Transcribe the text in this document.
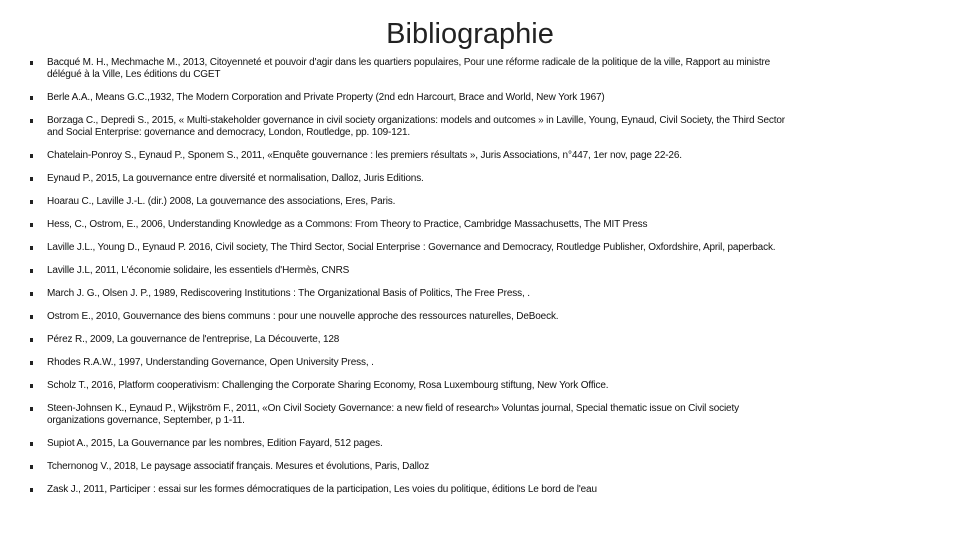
Bibliographie
Bacqué M. H., Mechmache M., 2013, Citoyenneté et pouvoir d'agir dans les quartiers populaires, Pour une réforme radicale de la politique de la ville, Rapport au ministre
délégué à la Ville, Les éditions du CGET
Berle A.A., Means G.C.,1932, The Modern Corporation and Private Property (2nd edn Harcourt, Brace and World, New York 1967)
Borzaga C., Depredi S., 2015, « Multi-stakeholder governance in civil society organizations: models and outcomes » in Laville, Young, Eynaud, Civil Society, the Third Sector
and Social Enterprise: governance and democracy, London, Routledge, pp. 109-121.
Chatelain-Ponroy S., Eynaud P., Sponem S., 2011, «Enquête gouvernance : les premiers résultats », Juris Associations, n°447, 1er nov, page 22-26.
Eynaud P., 2015, La gouvernance entre diversité et normalisation, Dalloz, Juris Editions.
Hoarau C., Laville J.-L. (dir.) 2008, La gouvernance des associations, Eres, Paris.
Hess, C., Ostrom, E., 2006, Understanding Knowledge as a Commons: From Theory to Practice, Cambridge Massachusetts, The MIT Press
Laville J.L., Young D., Eynaud P. 2016, Civil society, The Third Sector, Social Enterprise : Governance and Democracy, Routledge Publisher, Oxfordshire, April, paperback.
Laville J.L, 2011, L'économie solidaire, les essentiels d'Hermès, CNRS
March J. G., Olsen J. P., 1989, Rediscovering Institutions : The Organizational Basis of Politics, The Free Press, .
Ostrom E., 2010, Gouvernance des biens communs : pour une nouvelle approche des ressources naturelles, DeBoeck.
Pérez R., 2009, La gouvernance de l'entreprise, La Découverte, 128
Rhodes R.A.W., 1997, Understanding Governance, Open University Press, .
Scholz T., 2016, Platform cooperativism: Challenging the Corporate Sharing Economy, Rosa Luxembourg stiftung, New York Office.
Steen-Johnsen K., Eynaud P., Wijkström F., 2011, «On Civil Society Governance: a new field of research» Voluntas journal, Special thematic issue on Civil society
organizations governance, September, p 1-11.
Supiot A., 2015, La Gouvernance par les nombres, Edition Fayard, 512 pages.
Tchernonog V., 2018, Le paysage associatif français. Mesures et évolutions, Paris, Dalloz
Zask J., 2011, Participer : essai sur les formes démocratiques de la participation, Les voies du politique, éditions Le bord de l'eau
